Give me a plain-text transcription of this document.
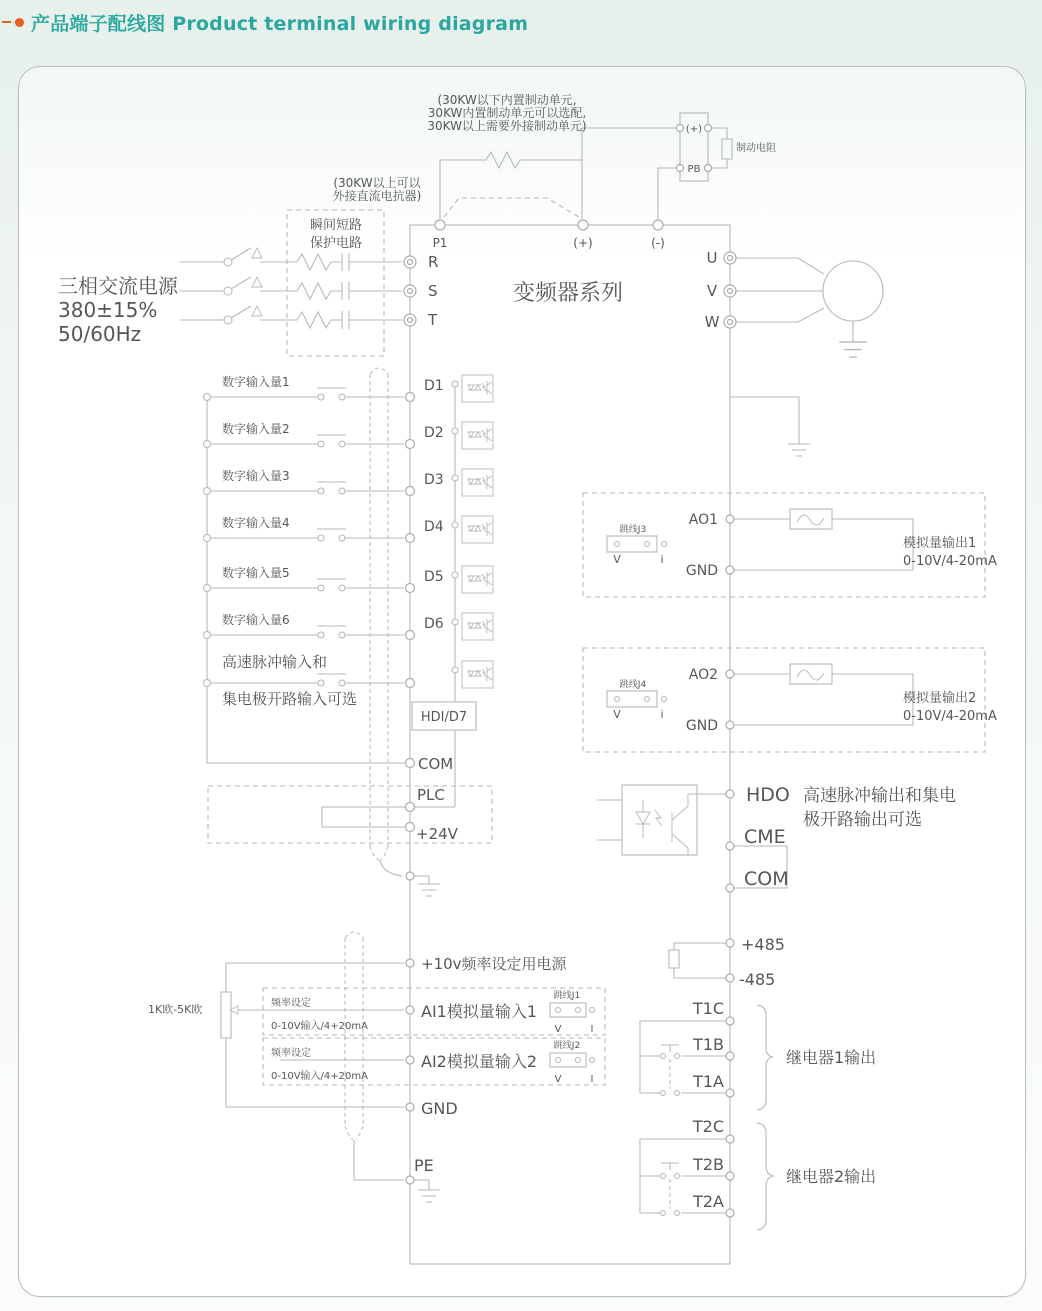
产品端子配线图 Product terminal wiring diagram
(+)
PB
制动电阻
(30KW以下内置制动单元,
30KW内置制动单元可以选配,
30KW以上需要外接制动单元)
(30KW以上可以
外接直流电抗器)
瞬间短路
保护电路	P1	(+)	(-)
变频器系列
R
S
T
三相交流电源
380±15%
50/60Hz
U
V
W
数字输入量1	D1
数字输入量2	D2
数字输入量3	D3
数字输入量4	D4
数字输入量5	D5
数字输入量6	D6
高速脉冲输入和
集电极开路输入可选
HDI/D7
COM
PLC
+24V
+10v频率设定用电源
1K欧-5K欧	频率设定
0-10V输入/4+20mA
AI1模拟量输入1
跳线J1
V	I
频率设定
0-10V输入/4+20mA
AI2模拟量输入2
跳线J2
V	I
GND
PE
AO1
GND
跳线J3
V	i
模拟量输出1
0-10V/4-20mA
AO2
GND
跳线J4
V	i
模拟量输出2
0-10V/4-20mA
HDO
CME
COM
高速脉冲输出和集电
极开路输出可选
+485
-485
T1C
T1B
T1A
继电器1输出
T2C
T2B
T2A
继电器2输出
